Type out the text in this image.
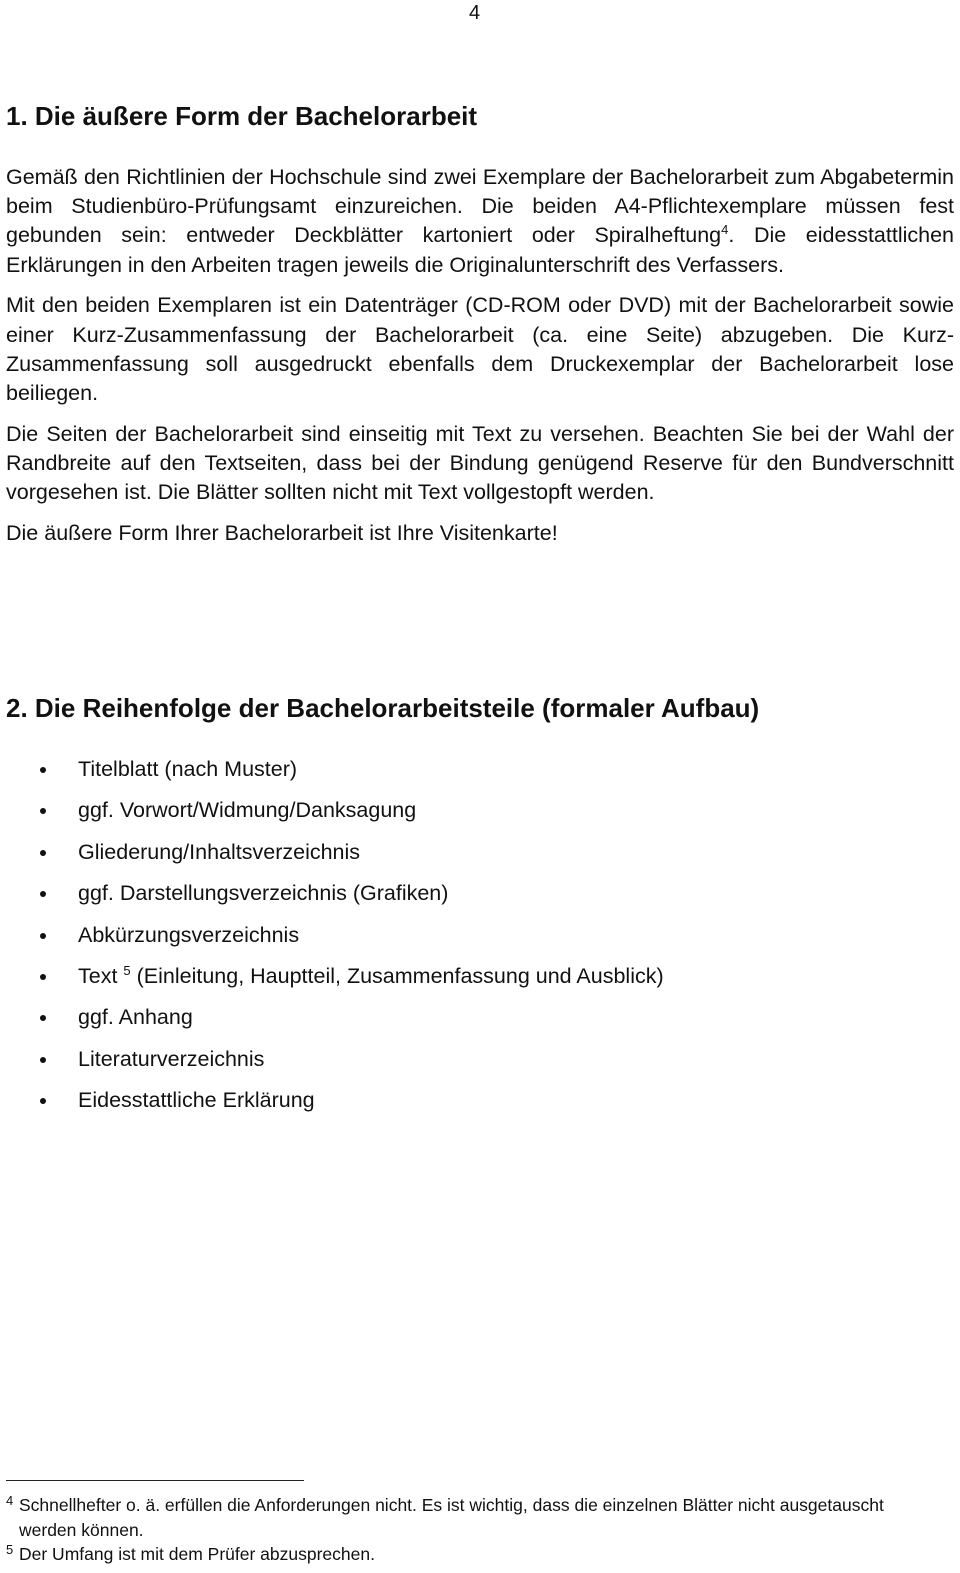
4
1. Die äußere Form der Bachelorarbeit

Gemäß den Richtlinien der Hochschule sind zwei Exemplare der Bachelorarbeit zum Abgabetermin beim Studienbüro-Prüfungsamt einzureichen. Die beiden A4-Pflichtexemplare müssen fest gebunden sein: entweder Deckblätter kartoniert oder Spiralheftung$^4$. Die eidesstattlichen Erklärungen in den Arbeiten tragen jeweils die Originalunterschrift des Verfassers.

Mit den beiden Exemplaren ist ein Datenträger (CD-ROM oder DVD) mit der Bachelorarbeit sowie einer Kurz-Zusammenfassung der Bachelorarbeit (ca. eine Seite) abzugeben. Die Kurz-Zusammenfassung soll ausgedruckt ebenfalls dem Druckexemplar der Bachelorarbeit lose beiliegen.

Die Seiten der Bachelorarbeit sind einseitig mit Text zu versehen. Beachten Sie bei der Wahl der Randbreite auf den Textseiten, dass bei der Bindung genügend Reserve für den Bundverschnitt vorgesehen ist. Die Blätter sollten nicht mit Text vollgestopft werden.

Die äußere Form Ihrer Bachelorarbeit ist Ihre Visitenkarte!

2. Die Reihenfolge der Bachelorarbeitsteile (formaler Aufbau)
Titelblatt (nach Muster)
ggf. Vorwort/Widmung/Danksagung
Gliederung/Inhaltsverzeichnis
ggf. Darstellungsverzeichnis (Grafiken)
Abkürzungsverzeichnis
Text $^5$ (Einleitung, Hauptteil, Zusammenfassung und Ausblick)
ggf. Anhang
Literaturverzeichnis
Eidesstattliche Erklärung
4 Schnellhefter o. ä. erfüllen die Anforderungen nicht. Es ist wichtig, dass die einzelnen Blätter nicht ausgetauscht werden können.
5 Der Umfang ist mit dem Prüfer abzusprechen.
